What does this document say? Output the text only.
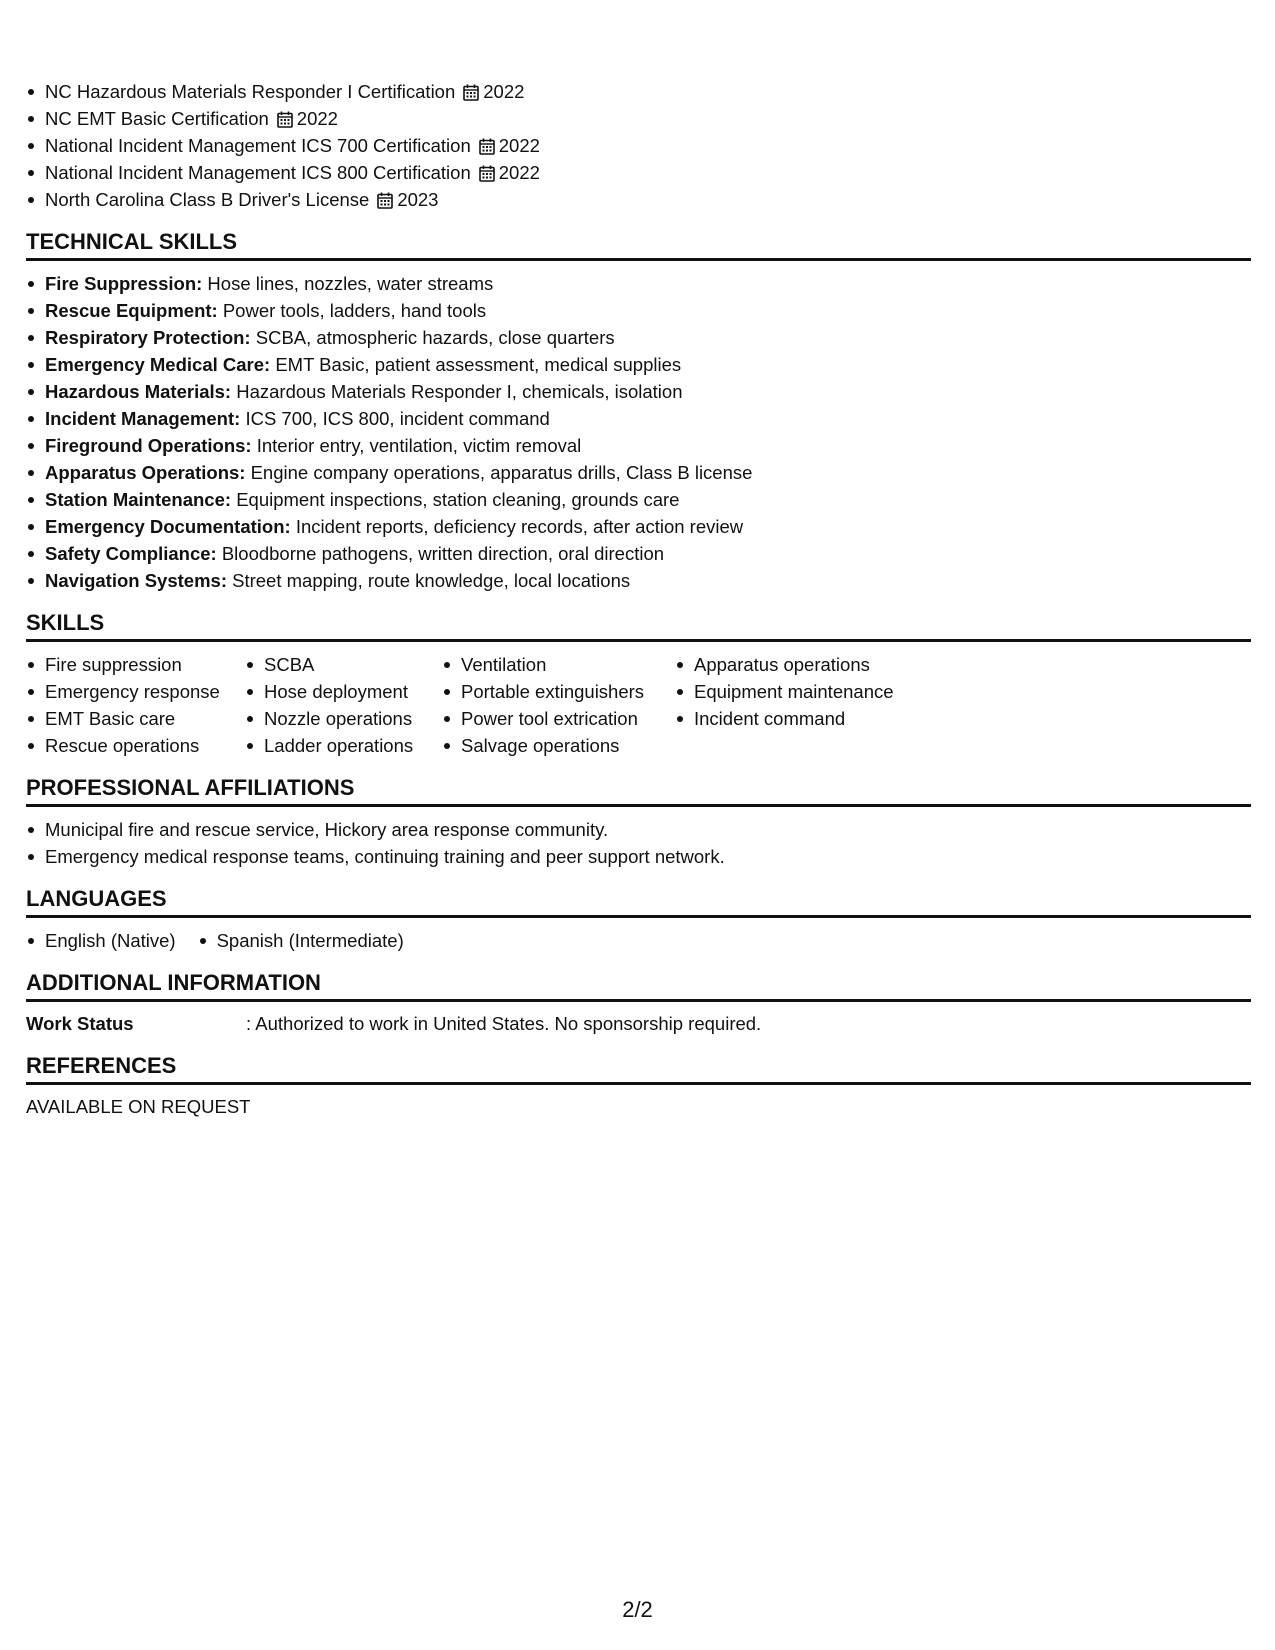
NC Hazardous Materials Responder I Certification 2022
NC EMT Basic Certification 2022
National Incident Management ICS 700 Certification 2022
National Incident Management ICS 800 Certification 2022
North Carolina Class B Driver's License 2023
TECHNICAL SKILLS
Fire Suppression: Hose lines, nozzles, water streams
Rescue Equipment: Power tools, ladders, hand tools
Respiratory Protection: SCBA, atmospheric hazards, close quarters
Emergency Medical Care: EMT Basic, patient assessment, medical supplies
Hazardous Materials: Hazardous Materials Responder I, chemicals, isolation
Incident Management: ICS 700, ICS 800, incident command
Fireground Operations: Interior entry, ventilation, victim removal
Apparatus Operations: Engine company operations, apparatus drills, Class B license
Station Maintenance: Equipment inspections, station cleaning, grounds care
Emergency Documentation: Incident reports, deficiency records, after action review
Safety Compliance: Bloodborne pathogens, written direction, oral direction
Navigation Systems: Street mapping, route knowledge, local locations
SKILLS
Fire suppression
Emergency response
EMT Basic care
Rescue operations
SCBA
Hose deployment
Nozzle operations
Ladder operations
Ventilation
Portable extinguishers
Power tool extrication
Salvage operations
Apparatus operations
Equipment maintenance
Incident command
PROFESSIONAL AFFILIATIONS
Municipal fire and rescue service, Hickory area response community.
Emergency medical response teams, continuing training and peer support network.
LANGUAGES
English (Native)	Spanish (Intermediate)
ADDITIONAL INFORMATION
Work Status	: Authorized to work in United States. No sponsorship required.
REFERENCES
AVAILABLE ON REQUEST
2/2
